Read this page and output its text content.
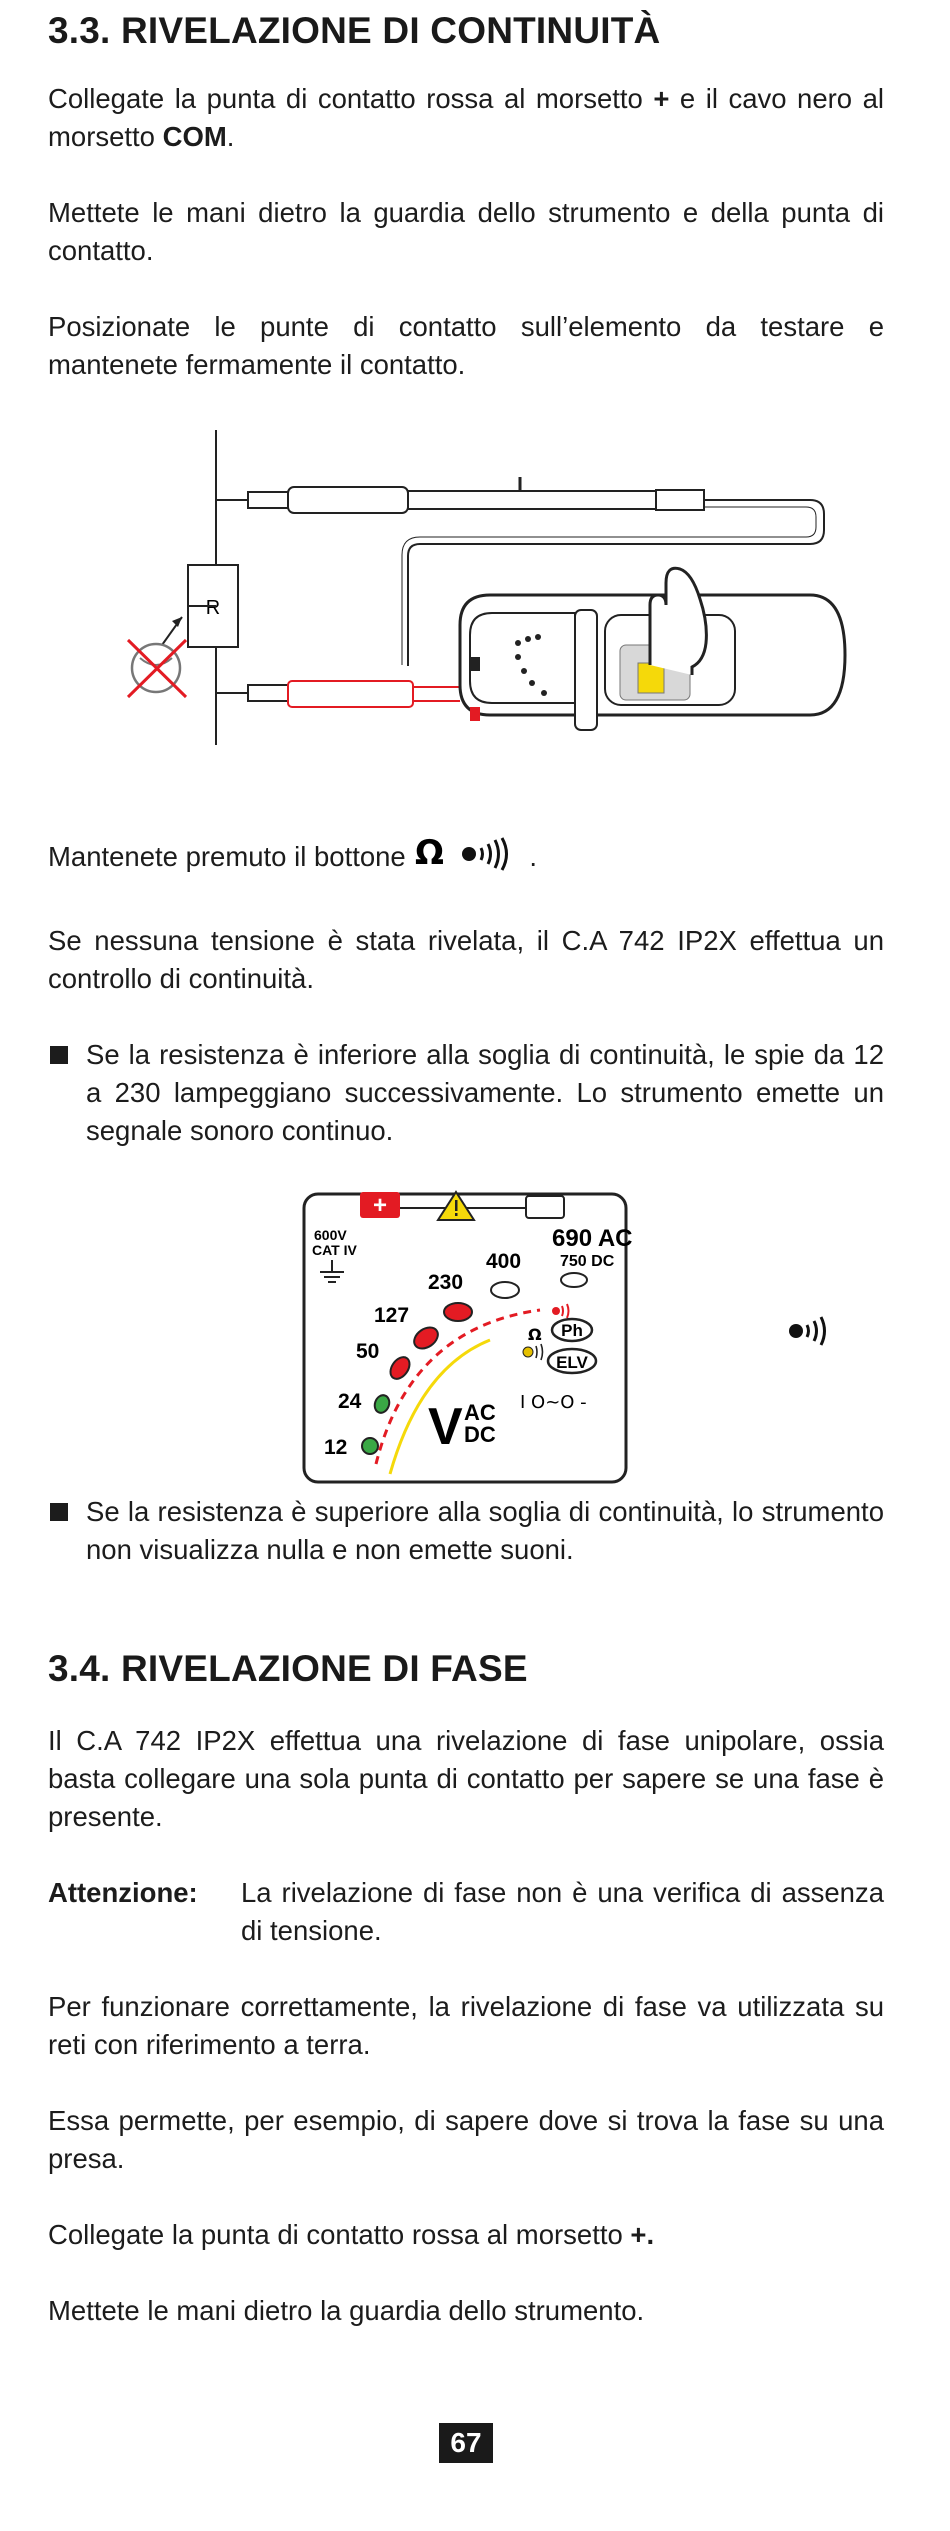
3.3. RIVELAZIONE DI CONTINUITÀ

Collegate la punta di contatto rossa al morsetto + e il cavo nero al morsetto COM.

Mettete le mani dietro la guardia dello strumento e della punta di contatto.

Posizionate le punte di contatto sull’elemento da testare e mantenete fermamente il contatto.

R

Mantenete premuto il bottone Ω	.

Se nessuna tensione è stata rivelata, il C.A 742 IP2X effettua un controllo di continuità.

Se la resistenza è inferiore alla soglia di continuità, le spie da 12 a 230 lampeggiano successivamente. Lo strumento emette un segnale sonoro continuo.
+
600V
CAT IV	690 AC
750 DC
400
230
127
50
24
12
Ω Ph
ELV
V AC
DC
I O~O -
Se la resistenza è superiore alla soglia di continuità, lo strumento non visualizza nulla e non emette suoni.
3.4. RIVELAZIONE DI FASE

Il C.A 742 IP2X effettua una rivelazione di fase unipolare, ossia basta collegare una sola punta di contatto per sapere se una fase è presente.

Attenzione: La rivelazione di fase non è una verifica di assenza di tensione.

Per funzionare correttamente, la rivelazione di fase va utilizzata su reti con riferimento a terra.

Essa permette, per esempio, di sapere dove si trova la fase su una presa.

Collegate la punta di contatto rossa al morsetto +.

Mettete le mani dietro la guardia dello strumento.

67
